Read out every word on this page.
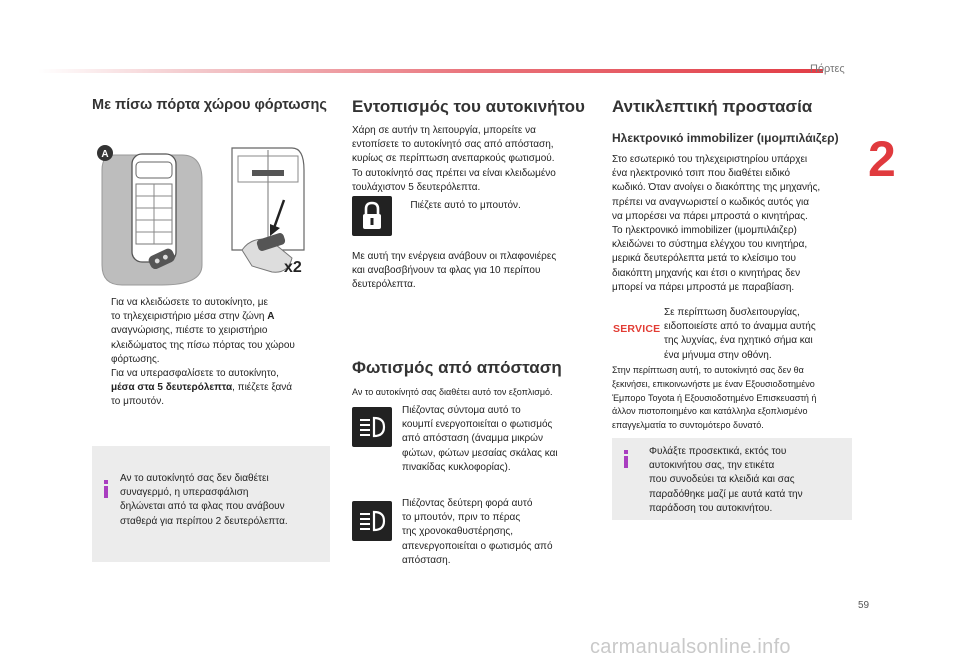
Πόρτες
2
59
carmanualsonline.info
Με πίσω πόρτα χώρου φόρτωσης
A
x2
Για να κλειδώσετε το αυτοκίνητο, με
το τηλεχειριστήριο μέσα στην ζώνη A
αναγνώρισης, πιέστε το χειριστήριο
κλειδώματος της πίσω πόρτας του χώρου
φόρτωσης.
Για να υπερασφαλίσετε το αυτοκίνητο,
μέσα στα 5 δευτερόλεπτα, πιέζετε ξανά
το μπουτόν.

Αν το αυτοκίνητό σας δεν διαθέτει
συναγερμό, η υπερασφάλιση
δηλώνεται από τα φλας που ανάβουν
σταθερά για περίπου 2 δευτερόλεπτα.

Εντοπισμός του αυτοκινήτου

Χάρη σε αυτήν τη λειτουργία, μπορείτε να
εντοπίσετε το αυτοκίνητό σας από απόσταση,
κυρίως σε περίπτωση ανεπαρκούς φωτισμού.
Το αυτοκίνητό σας πρέπει να είναι κλειδωμένο
τουλάχιστον 5 δευτερόλεπτα.

Πιέζετε αυτό το μπουτόν.

Με αυτή την ενέργεια ανάβουν οι πλαφονιέρες
και αναβοσβήνουν τα φλας για 10 περίπου
δευτερόλεπτα.

Φωτισμός από απόσταση
Αν το αυτοκίνητό σας διαθέτει αυτό τον εξοπλισμό.

Πιέζοντας σύντομα αυτό το
κουμπί ενεργοποιείται ο φωτισμός
από απόσταση (άναμμα μικρών
φώτων, φώτων μεσαίας σκάλας και
πινακίδας κυκλοφορίας).

Πιέζοντας δεύτερη φορά αυτό
το μπουτόν, πριν το πέρας
της χρονοκαθυστέρησης,
απενεργοποιείται ο φωτισμός από
απόσταση.

Αντικλεπτική προστασία
Ηλεκτρονικό immobilizer (ιμομπιλάιζερ)

Στο εσωτερικό του τηλεχειριστηρίου υπάρχει
ένα ηλεκτρονικό τσιπ που διαθέτει ειδικό
κωδικό. Όταν ανοίγει ο διακόπτης της μηχανής,
πρέπει να αναγνωριστεί ο κωδικός αυτός για
να μπορέσει να πάρει μπροστά ο κινητήρας.
Το ηλεκτρονικό immobilizer (ιμομπιλάιζερ)
κλειδώνει το σύστημα ελέγχου του κινητήρα,
μερικά δευτερόλεπτα μετά το κλείσιμο του
διακόπτη μηχανής και έτσι ο κινητήρας δεν
μπορεί να πάρει μπροστά με παραβίαση.

SERVICE

Σε περίπτωση δυσλειτουργίας,
ειδοποιείστε από το άναμμα αυτής
της λυχνίας, ένα ηχητικό σήμα και
ένα μήνυμα στην οθόνη.

Στην περίπτωση αυτή, το αυτοκίνητό σας δεν θα
ξεκινήσει, επικοινωνήστε με έναν Εξουσιοδοτημένο
Έμπορο Toyota ή Εξουσιοδοτημένο Επισκευαστή ή
άλλον πιστοποιημένο και κατάλληλα εξοπλισμένο
επαγγελματία το συντομότερο δυνατό.

Φυλάξτε προσεκτικά, εκτός του
αυτοκινήτου σας, την ετικέτα
που συνοδεύει τα κλειδιά και σας
παραδόθηκε μαζί με αυτά κατά την
παράδοση του αυτοκινήτου.
